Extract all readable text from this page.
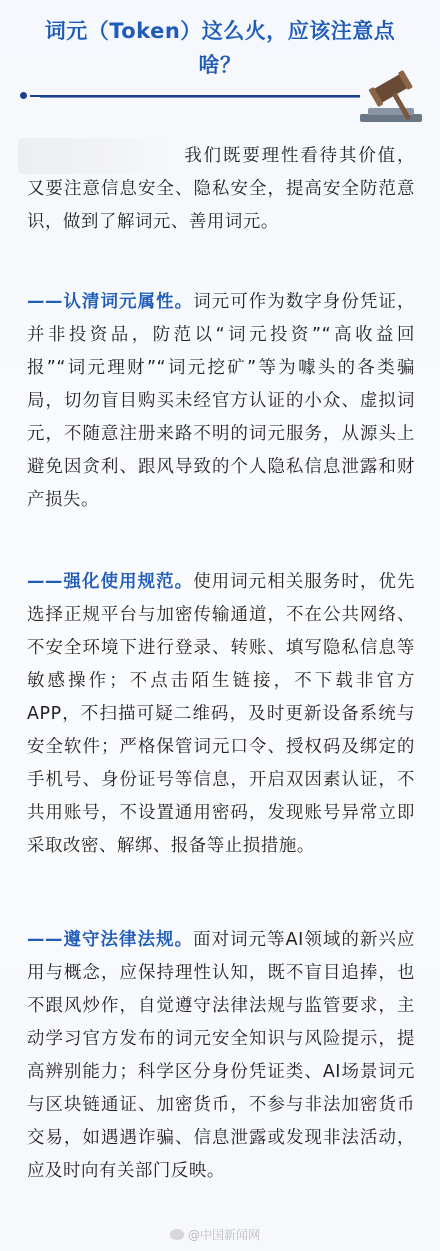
词元（Token）这么火，应该注意点啥？
我们既要理性看待其价值，又要注意信息安全、隐私安全，提高安全防范意识，做到了解词元、善用词元。
——认清词元属性。词元可作为数字身份凭证，并非投资品，防范以“词元投资”“高收益回报”“词元理财”“词元挖矿”等为噱头的各类骗局，切勿盲目购买未经官方认证的小众、虚拟词元，不随意注册来路不明的词元服务，从源头上避免因贪利、跟风导致的个人隐私信息泄露和财产损失。
——强化使用规范。使用词元相关服务时，优先选择正规平台与加密传输通道，不在公共网络、不安全环境下进行登录、转账、填写隐私信息等敏感操作；不点击陌生链接，不下载非官方APP，不扫描可疑二维码，及时更新设备系统与安全软件；严格保管词元口令、授权码及绑定的手机号、身份证号等信息，开启双因素认证，不共用账号，不设置通用密码，发现账号异常立即采取改密、解绑、报备等止损措施。
——遵守法律法规。面对词元等AI领域的新兴应用与概念，应保持理性认知，既不盲目追捧，也不跟风炒作，自觉遵守法律法规与监管要求，主动学习官方发布的词元安全知识与风险提示，提高辨别能力；科学区分身份凭证类、AI场景词元与区块链通证、加密货币，不参与非法加密货币交易，如遇遇诈骗、信息泄露或发现非法活动，应及时向有关部门反映。
@中国新闻网
